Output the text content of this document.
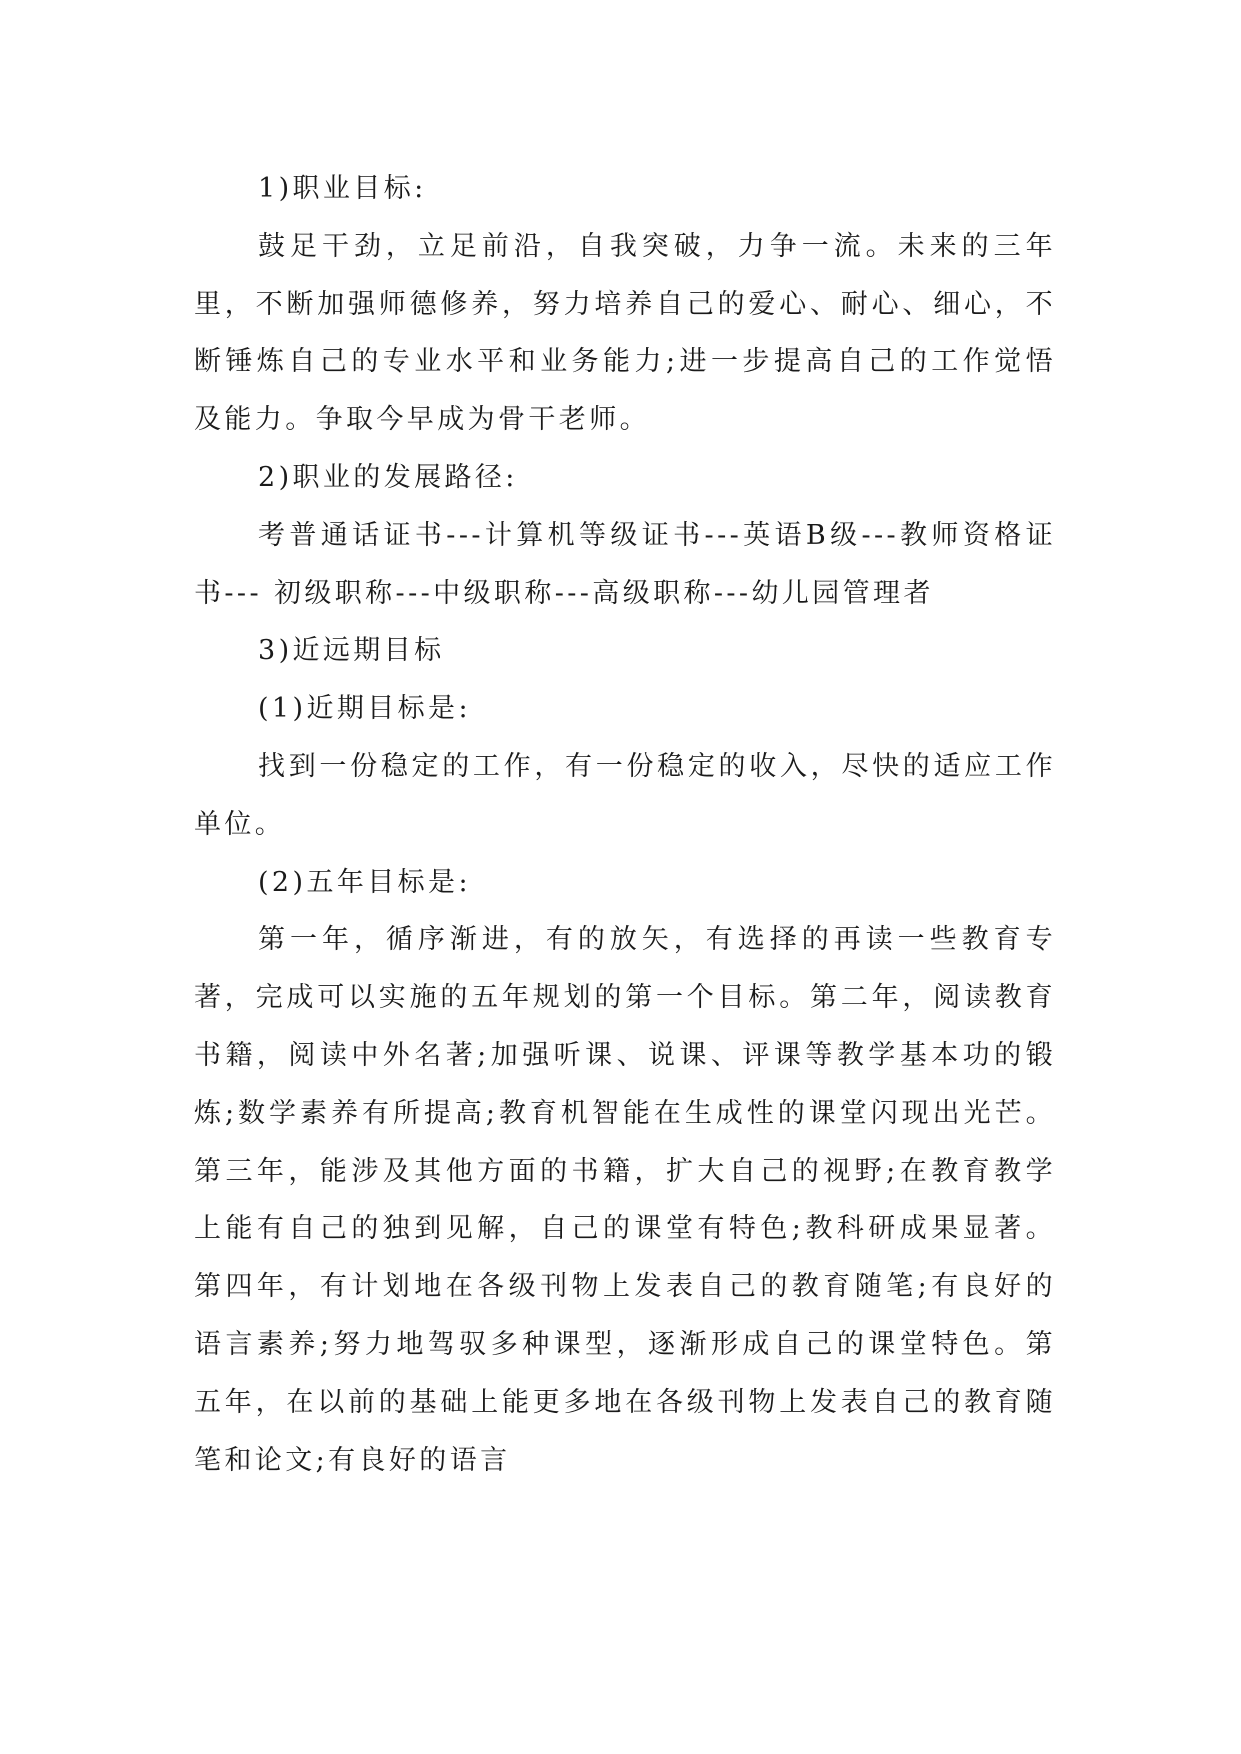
1)职业目标:

鼓足干劲，立足前沿，自我突破，力争一流。未来的三年里，不断加强师德修养，努力培养自己的爱心、耐心、细心，不断锤炼自己的专业水平和业务能力;进一步提高自己的工作觉悟及能力。争取今早成为骨干老师。

2)职业的发展路径:

考普通话证书---计算机等级证书---英语B级---教师资格证书--- 初级职称---中级职称---高级职称---幼儿园管理者

3)近远期目标

(1)近期目标是:

找到一份稳定的工作，有一份稳定的收入，尽快的适应工作单位。

(2)五年目标是:

第一年，循序渐进，有的放矢，有选择的再读一些教育专著，完成可以实施的五年规划的第一个目标。第二年，阅读教育书籍，阅读中外名著;加强听课、说课、评课等教学基本功的锻炼;数学素养有所提高;教育机智能在生成性的课堂闪现出光芒。第三年，能涉及其他方面的书籍，扩大自己的视野;在教育教学上能有自己的独到见解，自己的课堂有特色;教科研成果显著。第四年，有计划地在各级刊物上发表自己的教育随笔;有良好的语言素养;努力地驾驭多种课型，逐渐形成自己的课堂特色。第五年，在以前的基础上能更多地在各级刊物上发表自己的教育随笔和论文;有良好的语言
